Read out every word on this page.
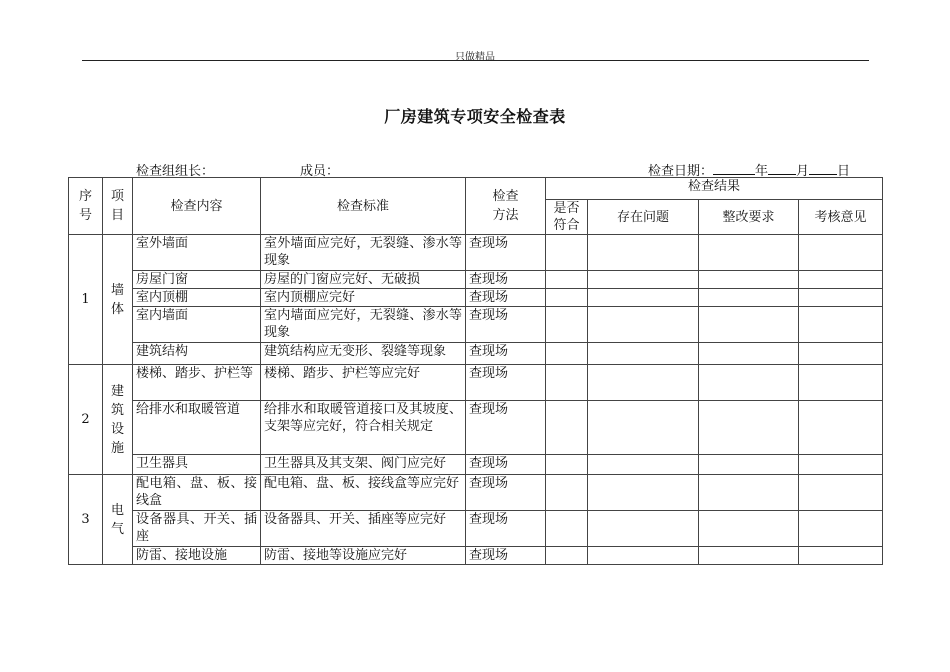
只做精品
厂房建筑专项安全检查表
检查组组长：	成员：	检查日期：	年 月 日
序号	项目	检查内容	检查标准	检查方法	检查结果			
					是否符合	存在问题	整改要求	考核意见
1	墙体	室外墙面	室外墙面应完好，无裂缝、渗水等现象	查现场				
		房屋门窗	房屋的门窗应完好、无破损	查现场				
		室内顶棚	室内顶棚应完好	查现场				
		室内墙面	室内墙面应完好，无裂缝、渗水等现象	查现场				
		建筑结构	建筑结构应无变形、裂缝等现象	查现场				
2	建筑设施	楼梯、踏步、护栏等	楼梯、踏步、护栏等应完好	查现场				
		给排水和取暖管道	给排水和取暖管道接口及其坡度、支架等应完好，符合相关规定	查现场				
		卫生器具	卫生器具及其支架、阀门应完好	查现场				
3	电气	配电箱、盘、板、接线盒	配电箱、盘、板、接线盒等应完好	查现场				
		设备器具、开关、插座	设备器具、开关、插座等应完好	查现场				
		防雷、接地设施	防雷、接地等设施应完好	查现场				
